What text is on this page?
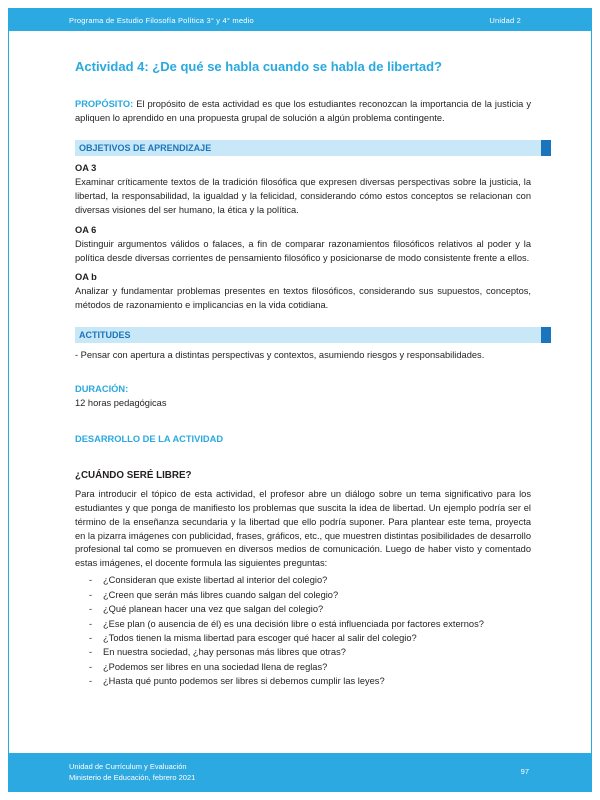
Programa de Estudio Filosofía Política 3° y 4° medio	Unidad 2
Actividad 4: ¿De qué se habla cuando se habla de libertad?

PROPÓSITO: El propósito de esta actividad es que los estudiantes reconozcan la importancia de la justicia y apliquen lo aprendido en una propuesta grupal de solución a algún problema contingente.

OBJETIVOS DE APRENDIZAJE
OA 3

Examinar críticamente textos de la tradición filosófica que expresen diversas perspectivas sobre la justicia, la libertad, la responsabilidad, la igualdad y la felicidad, considerando cómo estos conceptos se relacionan con diversas visiones del ser humano, la ética y la política.

OA 6

Distinguir argumentos válidos o falaces, a fin de comparar razonamientos filosóficos relativos al poder y la política desde diversas corrientes de pensamiento filosófico y posicionarse de modo consistente frente a ellos.

OA b

Analizar y fundamentar problemas presentes en textos filosóficos, considerando sus supuestos, conceptos, métodos de razonamiento e implicancias en la vida cotidiana.

ACTITUDES

- Pensar con apertura a distintas perspectivas y contextos, asumiendo riesgos y responsabilidades.

DURACIÓN:
12 horas pedagógicas
DESARROLLO DE LA ACTIVIDAD
¿CUÁNDO SERÉ LIBRE?

Para introducir el tópico de esta actividad, el profesor abre un diálogo sobre un tema significativo para los estudiantes y que ponga de manifiesto los problemas que suscita la idea de libertad. Un ejemplo podría ser el término de la enseñanza secundaria y la libertad que ello podría suponer. Para plantear este tema, proyecta en la pizarra imágenes con publicidad, frases, gráficos, etc., que muestren distintas posibilidades de desarrollo profesional tal como se promueven en diversos medios de comunicación. Luego de haber visto y comentado estas imágenes, el docente formula las siguientes preguntas:

-	¿Consideran que existe libertad al interior del colegio?
-	¿Creen que serán más libres cuando salgan del colegio?
-	¿Qué planean hacer una vez que salgan del colegio?
-	¿Ese plan (o ausencia de él) es una decisión libre o está influenciada por factores externos?
-	¿Todos tienen la misma libertad para escoger qué hacer al salir del colegio?
-	En nuestra sociedad, ¿hay personas más libres que otras?
-	¿Podemos ser libres en una sociedad llena de reglas?
-	¿Hasta qué punto podemos ser libres si debemos cumplir las leyes?
Unidad de Currículum y Evaluación
Ministerio de Educación, febrero 2021
97
